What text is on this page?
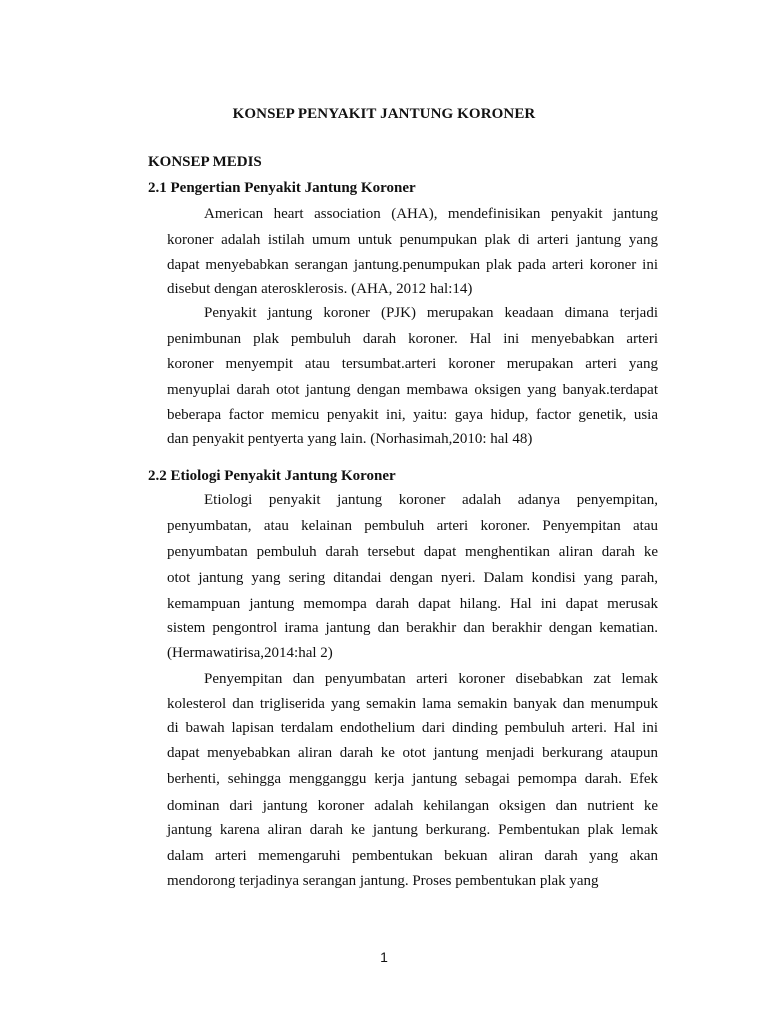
KONSEP PENYAKIT JANTUNG KORONER
KONSEP MEDIS
2.1 Pengertian Penyakit Jantung Koroner
American heart association (AHA), mendefinisikan penyakit jantung
koroner adalah istilah umum untuk penumpukan plak di arteri jantung yang
dapat menyebabkan serangan jantung.penumpukan plak pada arteri koroner ini
disebut dengan aterosklerosis. (AHA, 2012 hal:14)
Penyakit jantung koroner (PJK) merupakan keadaan dimana terjadi
penimbunan plak pembuluh darah koroner. Hal ini menyebabkan arteri
koroner menyempit atau tersumbat.arteri koroner merupakan arteri yang
menyuplai darah otot jantung dengan membawa oksigen yang banyak.terdapat
beberapa factor memicu penyakit ini, yaitu: gaya hidup, factor genetik, usia
dan penyakit pentyerta yang lain. (Norhasimah,2010: hal 48)
2.2 Etiologi Penyakit Jantung Koroner
Etiologi penyakit jantung koroner adalah adanya penyempitan,
penyumbatan, atau kelainan pembuluh arteri koroner. Penyempitan atau
penyumbatan pembuluh darah tersebut dapat menghentikan aliran darah ke
otot jantung yang sering ditandai dengan nyeri. Dalam kondisi yang parah,
kemampuan jantung memompa darah dapat hilang. Hal ini dapat merusak
sistem pengontrol irama jantung dan berakhir dan berakhir dengan kematian.
(Hermawatirisa,2014:hal 2)
Penyempitan dan penyumbatan arteri koroner disebabkan zat lemak
kolesterol dan trigliserida yang semakin lama semakin banyak dan menumpuk
di bawah lapisan terdalam endothelium dari dinding pembuluh arteri. Hal ini
dapat menyebabkan aliran darah ke otot jantung menjadi berkurang ataupun
berhenti, sehingga mengganggu kerja jantung sebagai pemompa darah. Efek
dominan dari jantung koroner adalah kehilangan oksigen dan nutrient ke
jantung karena aliran darah ke jantung berkurang. Pembentukan plak lemak
dalam arteri memengaruhi pembentukan bekuan aliran darah yang akan
mendorong terjadinya serangan jantung. Proses pembentukan plak yang
1
